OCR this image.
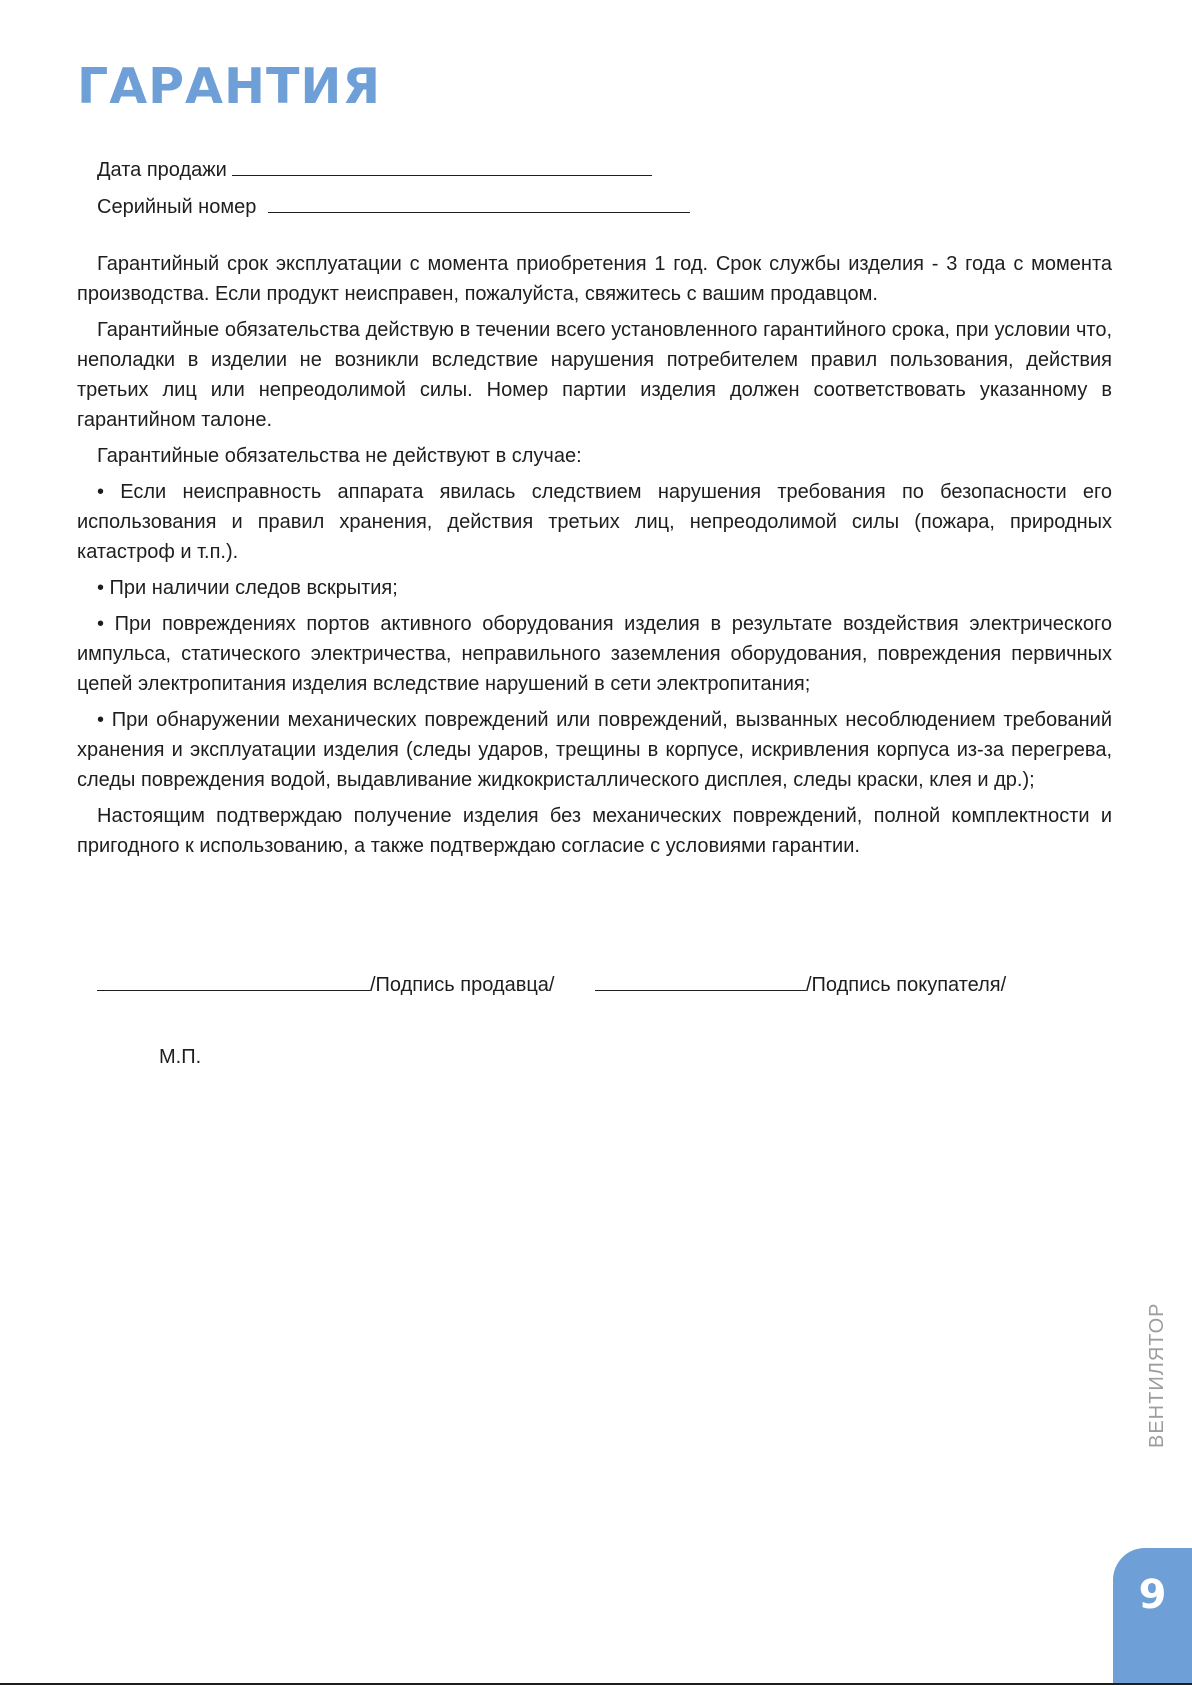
ГАРАНТИЯ
Дата продажи
Серийный номер

Гарантийный срок эксплуатации с момента приобретения 1 год. Срок службы изделия - 3 года с момента производства. Если продукт неисправен, пожалуйста, свяжитесь с вашим продавцом.

Гарантийные обязательства действую в течении всего установленного гарантийного срока, при условии что, неполадки в изделии не возникли вследствие нарушения потребителем правил пользования, действия третьих лиц или непреодолимой силы. Номер партии изделия должен соответствовать указанному в гарантийном талоне.

Гарантийные обязательства не действуют в случае:

• Если неисправность аппарата явилась следствием нарушения требования по безопасности его использования и правил хранения, действия третьих лиц, непреодолимой силы (пожара, природных катастроф и т.п.).

• При наличии следов вскрытия;

• При повреждениях портов активного оборудования изделия в результате воздействия электрического импульса, статического электричества, неправильного заземления оборудования, повреждения первичных цепей электропитания изделия вследствие нарушений в сети электропитания;

• При обнаружении механических повреждений или повреждений, вызванных несоблюдением требований хранения и эксплуатации изделия (следы ударов, трещины в корпусе, искривления корпуса из-за перегрева, следы повреждения водой, выдавливание жидкокристаллического дисплея, следы краски, клея и др.);

Настоящим подтверждаю получение изделия без механических повреждений, полной комплектности и пригодного к использованию, а также подтверждаю согласие с условиями гарантии.

/Подпись продавца/	/Подпись покупателя/
М.П.
ВЕНТИЛЯТОР
9
